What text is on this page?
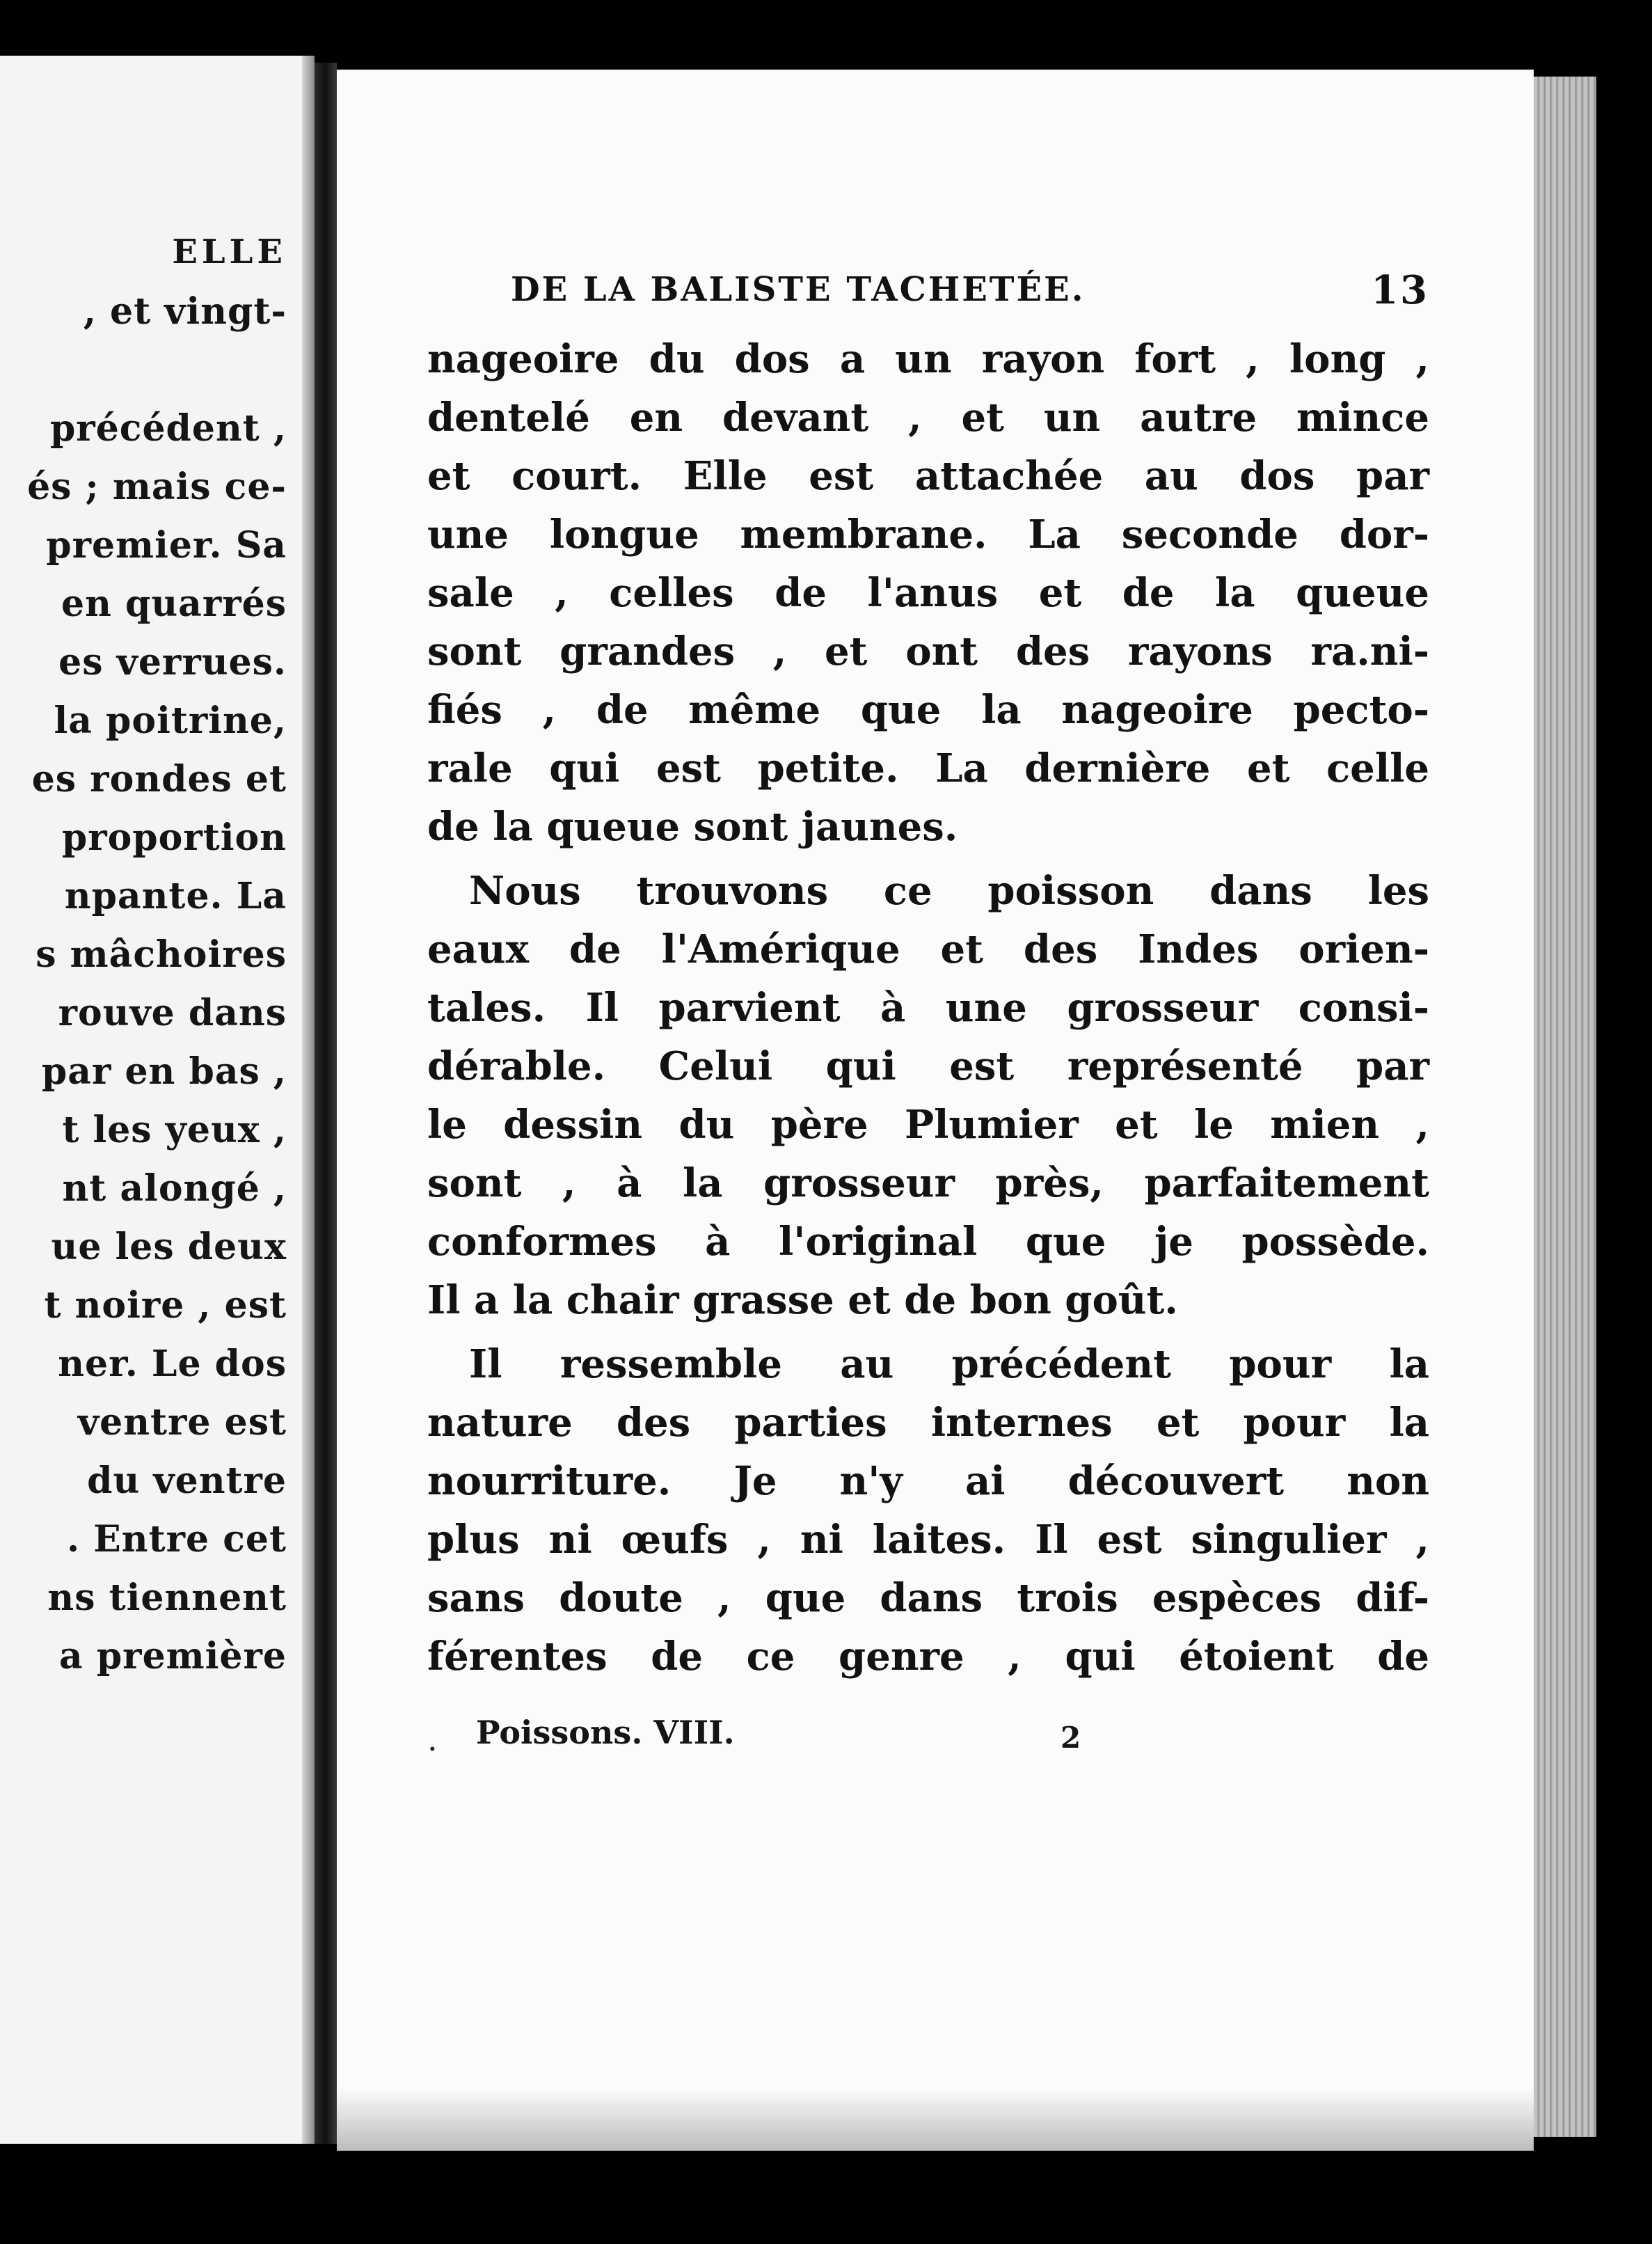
ELLE
, et vingt-
précédent ,
és ; mais ce-
premier. Sa
en quarrés
es verrues.
la poitrine,
es rondes et
proportion
npante. La
s mâchoires
rouve dans
par en bas ,
t les yeux ,
nt alongé ,
ue les deux
t noire , est
ner. Le dos
ventre est
du ventre
. Entre cet
ns tiennent
a première
DE LA BALISTE TACHETÉE.	13
nageoire du dos a un rayon fort , long ,
dentelé en devant , et un autre mince
et court. Elle est attachée au dos par
une longue membrane. La seconde dor-
sale , celles de l'anus et de la queue
sont grandes , et ont des rayons ra.ni-
fiés , de même que la nageoire pecto-
rale qui est petite. La dernière et celle
de la queue sont jaunes.
Nous trouvons ce poisson dans les
eaux de l'Amérique et des Indes orien-
tales. Il parvient à une grosseur consi-
dérable. Celui qui est représenté par
le dessin du père Plumier et le mien ,
sont , à la grosseur près, parfaitement
conformes à l'original que je possède.
Il a la chair grasse et de bon goût.
Il ressemble au précédent pour la
nature des parties internes et pour la
nourriture. Je n'y ai découvert non
plus ni œufs , ni laites. Il est singulier ,
sans doute , que dans trois espèces dif-
férentes de ce genre , qui étoient de
. Poissons. VIII.	2
